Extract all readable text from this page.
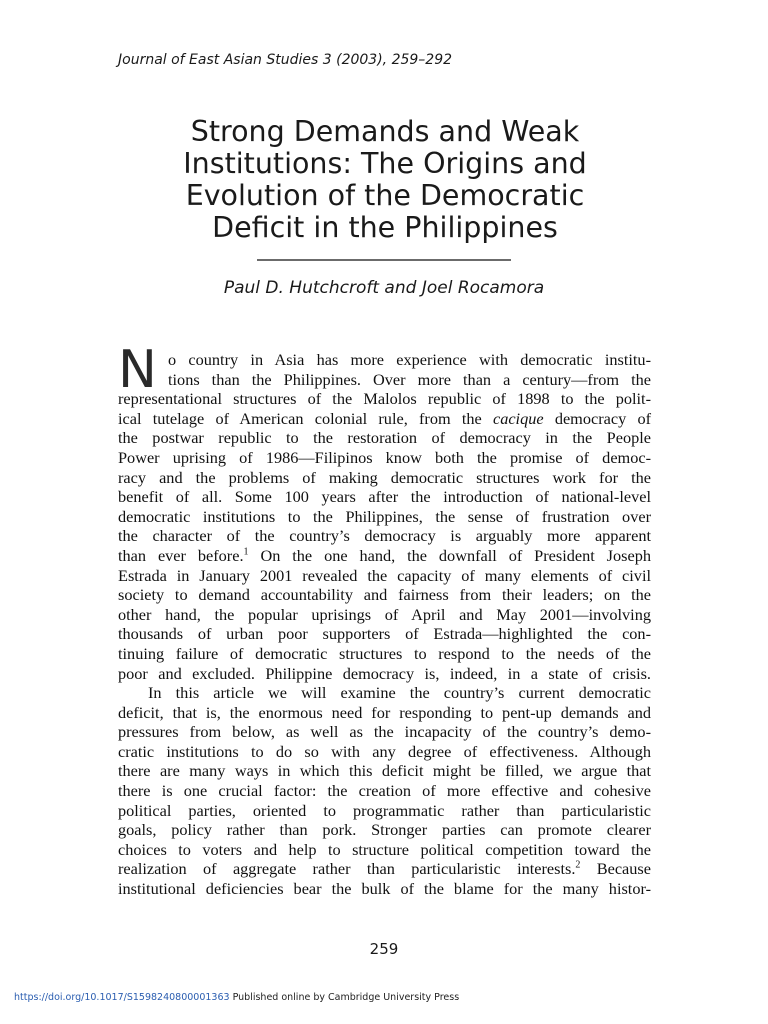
Journal of East Asian Studies 3 (2003), 259–292
Strong Demands and Weak
Institutions: The Origins and
Evolution of the Democratic
Deficit in the Philippines
Paul D. Hutchcroft and Joel Rocamora
N o country in Asia has more experience with democratic institu-
tions than the Philippines. Over more than a century—from the
representational structures of the Malolos republic of 1898 to the polit-
ical tutelage of American colonial rule, from the cacique democracy of
the postwar republic to the restoration of democracy in the People
Power uprising of 1986—Filipinos know both the promise of democ-
racy and the problems of making democratic structures work for the
benefit of all. Some 100 years after the introduction of national-level
democratic institutions to the Philippines, the sense of frustration over
the character of the country’s democracy is arguably more apparent
than ever before.$^1$ On the one hand, the downfall of President Joseph
Estrada in January 2001 revealed the capacity of many elements of civil
society to demand accountability and fairness from their leaders; on the
other hand, the popular uprisings of April and May 2001—involving
thousands of urban poor supporters of Estrada—highlighted the con-
tinuing failure of democratic structures to respond to the needs of the
poor and excluded. Philippine democracy is, indeed, in a state of crisis.
In this article we will examine the country’s current democratic
deficit, that is, the enormous need for responding to pent-up demands and
pressures from below, as well as the incapacity of the country’s demo-
cratic institutions to do so with any degree of effectiveness. Although
there are many ways in which this deficit might be filled, we argue that
there is one crucial factor: the creation of more effective and cohesive
political parties, oriented to programmatic rather than particularistic
goals, policy rather than pork. Stronger parties can promote clearer
choices to voters and help to structure political competition toward the
realization of aggregate rather than particularistic interests.$^2$ Because
institutional deficiencies bear the bulk of the blame for the many histor-
259
https://doi.org/10.1017/S1598240800001363 Published online by Cambridge University Press
